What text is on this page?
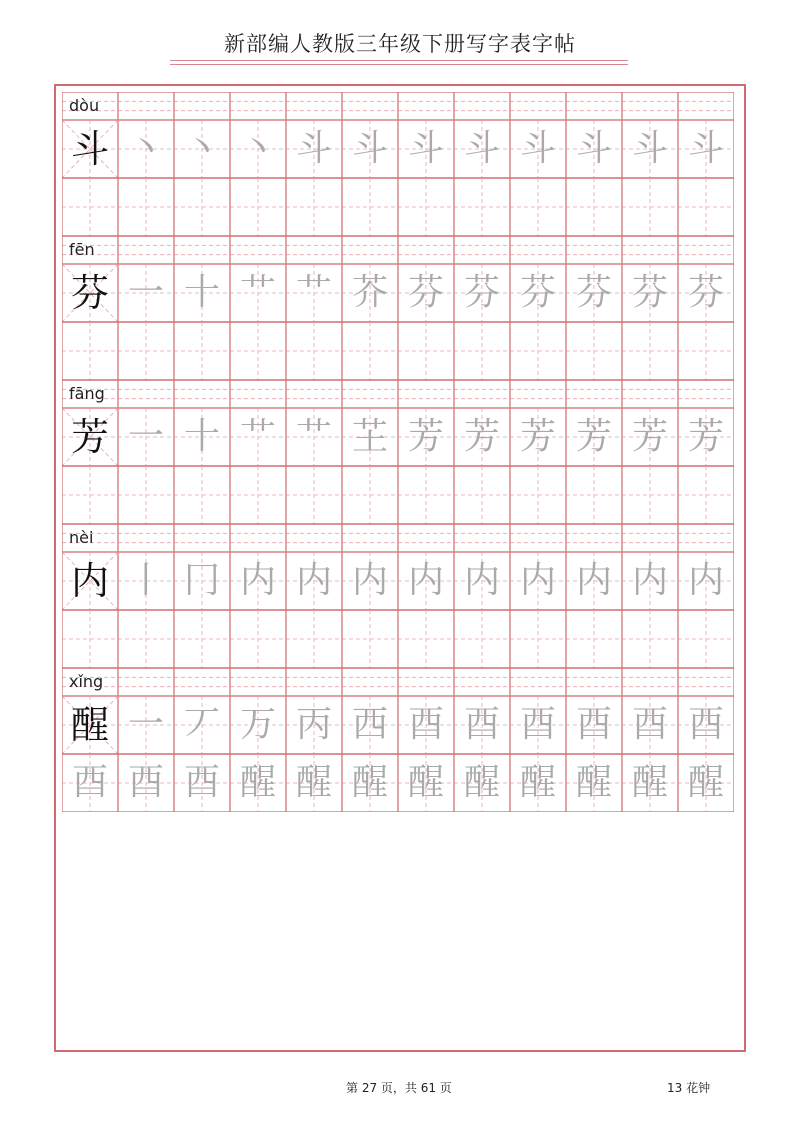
新部编人教版三年级下册写字表字帖
dòu
斗 丶 丶 丶 斗 斗 斗 斗 斗 斗 斗 斗
fēn
芬 一 十 艹 艹 芥 芬 芬 芬 芬 芬 芬
fāng
芳 一 十 艹 艹 芏 芳 芳 芳 芳 芳 芳
nèi
内 丨 冂 内 内 内 内 内 内 内 内 内
xǐng
醒 一 丆 万 丙 西 酉 酉 酉 酉 酉 酉
酉 酉 酉 醒 醒 醒 醒 醒 醒 醒 醒 醒
第 27 页，共 61 页	13 花钟
